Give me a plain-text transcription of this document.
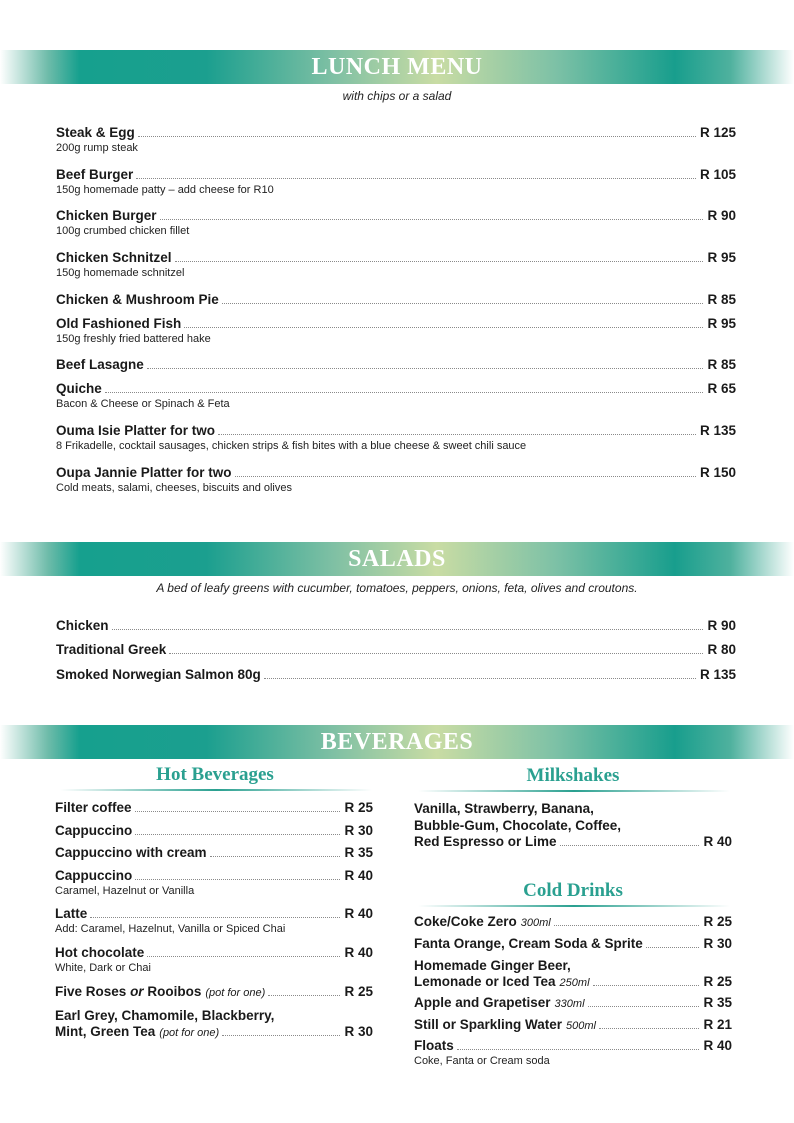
LUNCH MENU
with chips or a salad
Steak & Egg	R 125
200g rump steak
Beef Burger	R 105
150g homemade patty – add cheese for R10
Chicken Burger	R 90
100g crumbed chicken fillet
Chicken Schnitzel	R 95
150g homemade schnitzel
Chicken & Mushroom Pie	R 85
Old Fashioned Fish	R 95
150g freshly fried battered hake
Beef Lasagne	R 85
Quiche	R 65
Bacon & Cheese or Spinach & Feta
Ouma Isie Platter for two	R 135
8 Frikadelle, cocktail sausages, chicken strips & fish bites with a blue cheese & sweet chili sauce
Oupa Jannie Platter for two	R 150
Cold meats, salami, cheeses, biscuits and olives
SALADS
A bed of leafy greens with cucumber, tomatoes, peppers, onions, feta, olives and croutons.
Chicken	R 90
Traditional Greek	R 80
Smoked Norwegian Salmon 80g	R 135
BEVERAGES
Hot Beverages
Filter coffee	R 25
Cappuccino	R 30
Cappuccino with cream	R 35
Cappuccino	R 40
Caramel, Hazelnut or Vanilla
Latte	R 40
Add: Caramel, Hazelnut, Vanilla or Spiced Chai
Hot chocolate	R 40
White, Dark or Chai
Five Roses or Rooibos (pot for one)	R 25
Earl Grey, Chamomile, Blackberry,
Mint, Green Tea (pot for one)	R 30
Milkshakes
Vanilla, Strawberry, Banana,
Bubble-Gum, Chocolate, Coffee,
Red Espresso or Lime	R 40
Cold Drinks
Coke/Coke Zero 300ml	R 25
Fanta Orange, Cream Soda & Sprite	R 30
Homemade Ginger Beer,
Lemonade or Iced Tea 250ml	R 25
Apple and Grapetiser 330ml	R 35
Still or Sparkling Water 500ml	R 21
Floats	R 40
Coke, Fanta or Cream soda
